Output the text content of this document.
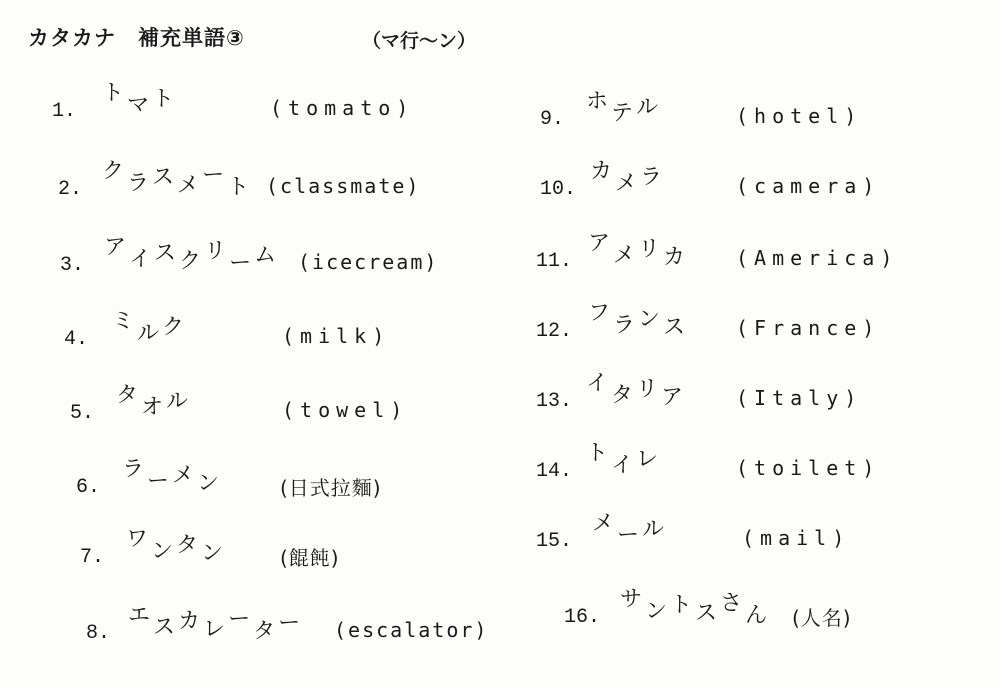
カタカナ　補充単語③	（マ行～ン）
1.
トマト	(tomato)
2.
クラスメート (classmate)
3.
アイスクリーム (icecream)
4.
ミルク	(milk)
5.
タオル	(towel)
6.
ラーメン	(日式拉麵)
7.
ワンタン	(餛飩)
8.
エスカレーター (escalator)
9.
ホテル	(hotel)
10.
カメラ	(camera)
11.
アメリカ (America)
12.
フランス (France)
13.
イタリア (Italy)
14.
トイレ	(toilet)
15.
メール	(mail)
16.
サントスさん (人名)
